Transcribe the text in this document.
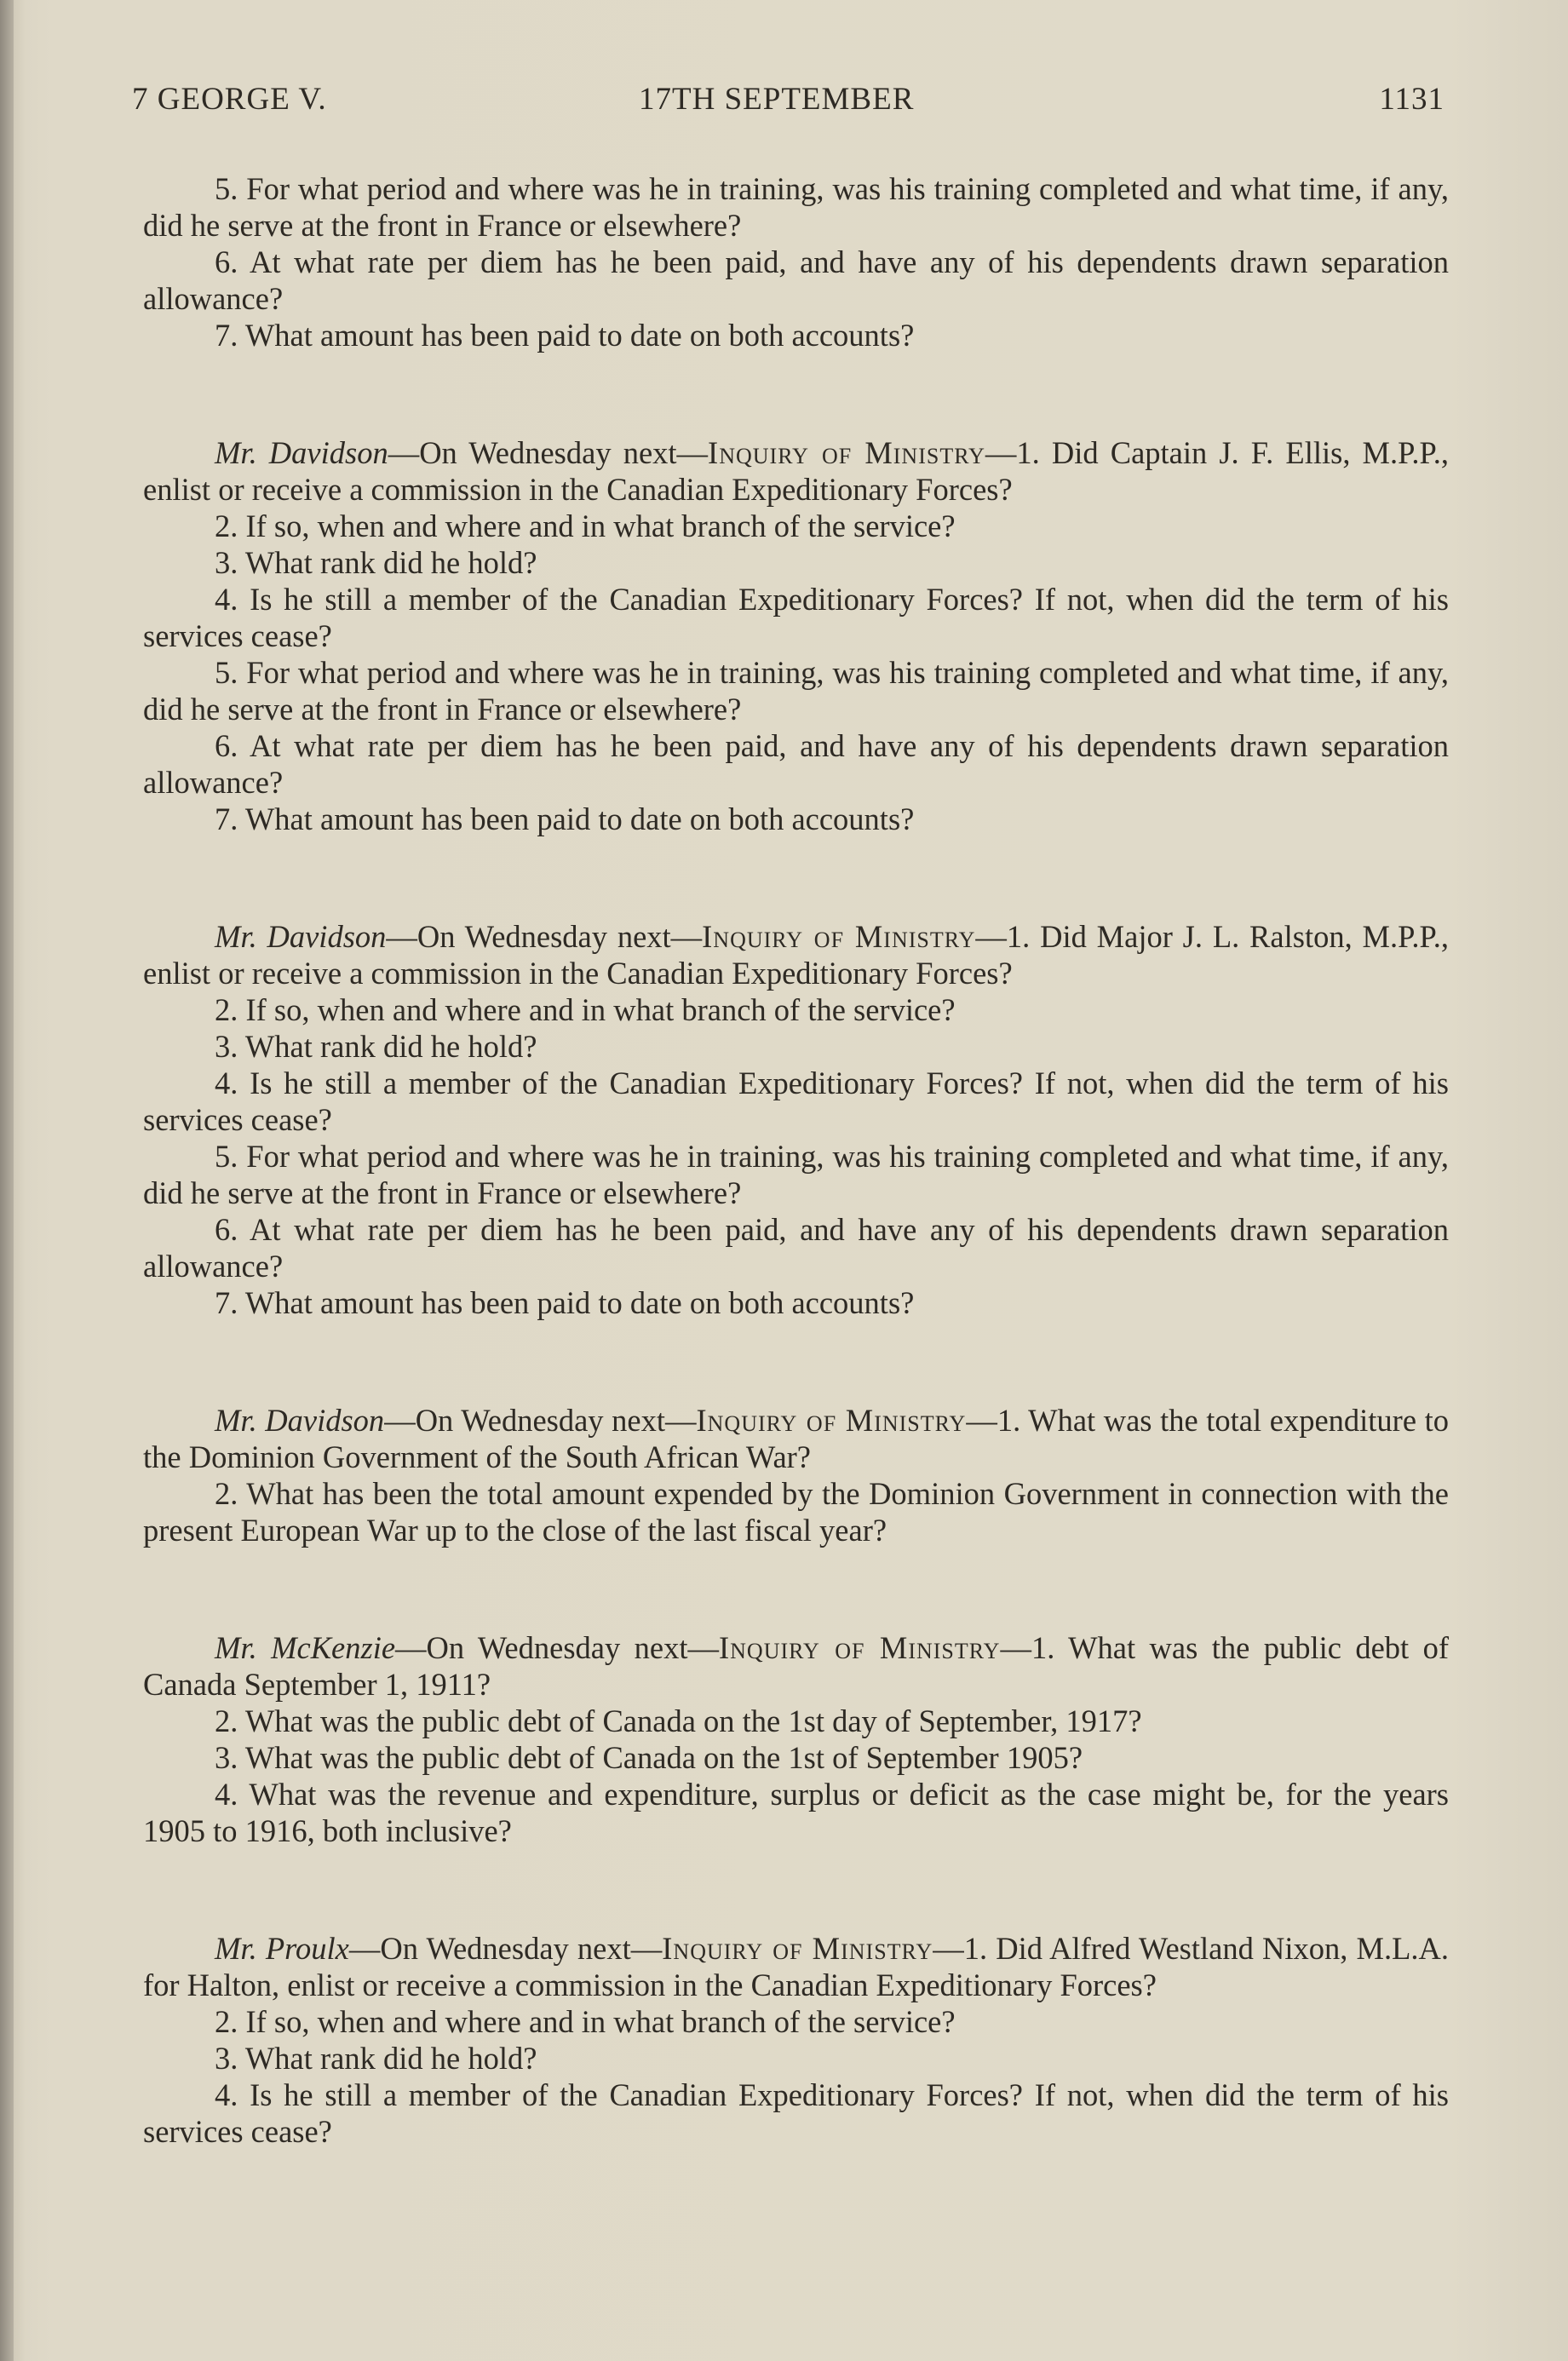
7 GEORGE V.	17TH SEPTEMBER	1131

5. For what period and where was he in training, was his training completed and what time, if any, did he serve at the front in France or elsewhere?

6. At what rate per diem has he been paid, and have any of his dependents drawn separation allowance?

7. What amount has been paid to date on both accounts?

Mr. Davidson—On Wednesday next—Inquiry of Ministry—1. Did Captain J. F. Ellis, M.P.P., enlist or receive a commission in the Canadian Expeditionary Forces?

2. If so, when and where and in what branch of the service?

3. What rank did he hold?

4. Is he still a member of the Canadian Expeditionary Forces? If not, when did the term of his services cease?

5. For what period and where was he in training, was his training completed and what time, if any, did he serve at the front in France or elsewhere?

6. At what rate per diem has he been paid, and have any of his dependents drawn separation allowance?

7. What amount has been paid to date on both accounts?

Mr. Davidson—On Wednesday next—Inquiry of Ministry—1. Did Major J. L. Ralston, M.P.P., enlist or receive a commission in the Canadian Expeditionary Forces?

2. If so, when and where and in what branch of the service?

3. What rank did he hold?

4. Is he still a member of the Canadian Expeditionary Forces? If not, when did the term of his services cease?

5. For what period and where was he in training, was his training completed and what time, if any, did he serve at the front in France or elsewhere?

6. At what rate per diem has he been paid, and have any of his dependents drawn separation allowance?

7. What amount has been paid to date on both accounts?

Mr. Davidson—On Wednesday next—Inquiry of Ministry—1. What was the total expenditure to the Dominion Government of the South African War?

2. What has been the total amount expended by the Dominion Government in connection with the present European War up to the close of the last fiscal year?

Mr. McKenzie—On Wednesday next—Inquiry of Ministry—1. What was the public debt of Canada September 1, 1911?

2. What was the public debt of Canada on the 1st day of September, 1917?

3. What was the public debt of Canada on the 1st of September 1905?

4. What was the revenue and expenditure, surplus or deficit as the case might be, for the years 1905 to 1916, both inclusive?

Mr. Proulx—On Wednesday next—Inquiry of Ministry—1. Did Alfred Westland Nixon, M.L.A. for Halton, enlist or receive a commission in the Canadian Expeditionary Forces?

2. If so, when and where and in what branch of the service?

3. What rank did he hold?

4. Is he still a member of the Canadian Expeditionary Forces? If not, when did the term of his services cease?
